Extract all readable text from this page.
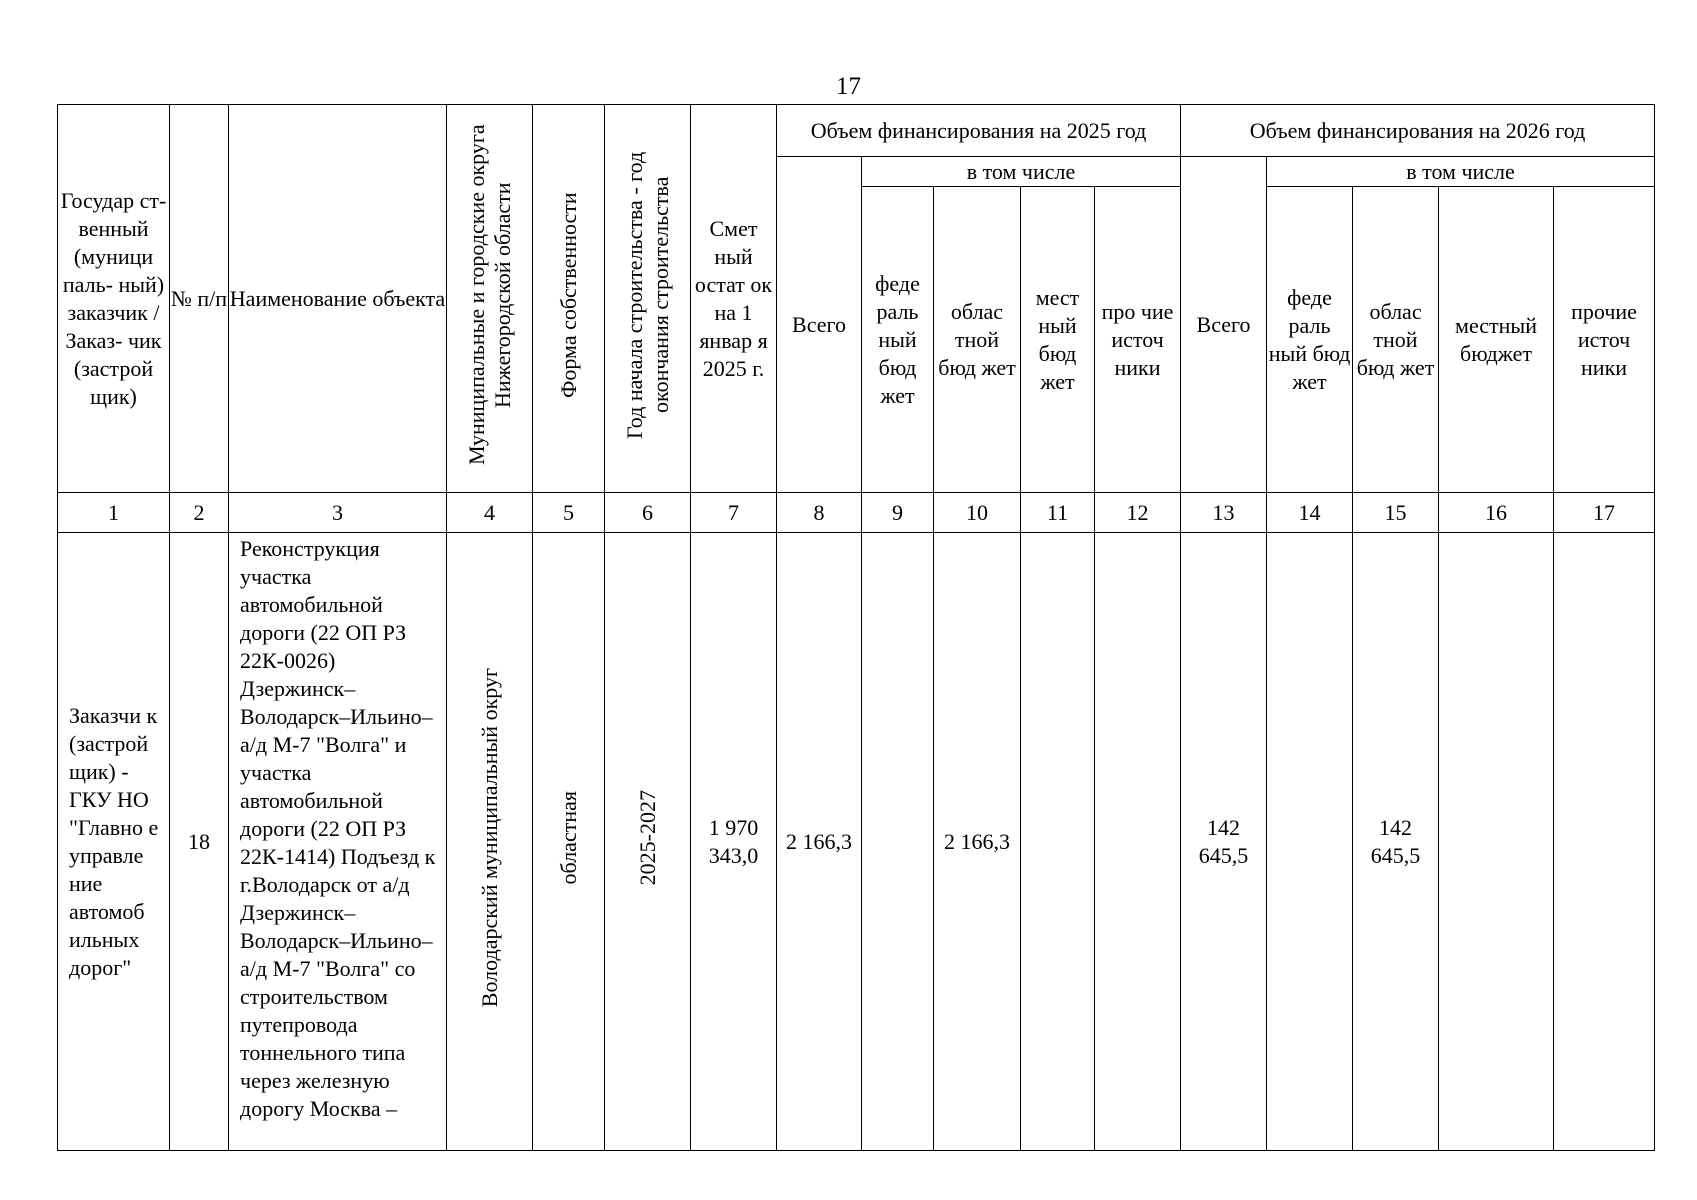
17
Государ ст- венный (муници паль- ный) заказчик / Заказ- чик (застрой щик)	№ п/п	Наименование объекта	Муниципальные и городские округа Нижегородской области	Форма собственности	Год начала строительства - год окончания строительства	Смет ный остат ок на 1 январ я 2025 г.	Объем финансирования на 2025 год					Объем финансирования на 2026 год				
							Всего	в том числе				Всего	в том числе			
								феде раль ный бюд жет	облас тной бюд жет	мест ный бюд жет	про чие источ ники		феде раль ный бюд жет	облас тной бюд жет	местный бюджет	прочие источ ники

1	2	3	4	5	6	7	8	9	10	11	12	13	14	15	16	17
Заказчи к (застрой щик) - ГКУ НО "Главно е управле ние автомоб ильных дорог"	18	Реконструкция участка автомобильной дороги (22 ОП РЗ 22К-0026) Дзержинск–Володарск–Ильино–а/д М-7 "Волга" и участка автомобильной дороги (22 ОП РЗ 22К-1414) Подъезд к г.Володарск от а/д Дзержинск–Володарск–Ильино–а/д М-7 "Волга" со строительством путепровода тоннельного типа через железную дорогу Москва –	Володарский муниципальный округ	областная	2025-2027	1 970 343,0	2 166,3		2 166,3			142 645,5		142 645,5		
